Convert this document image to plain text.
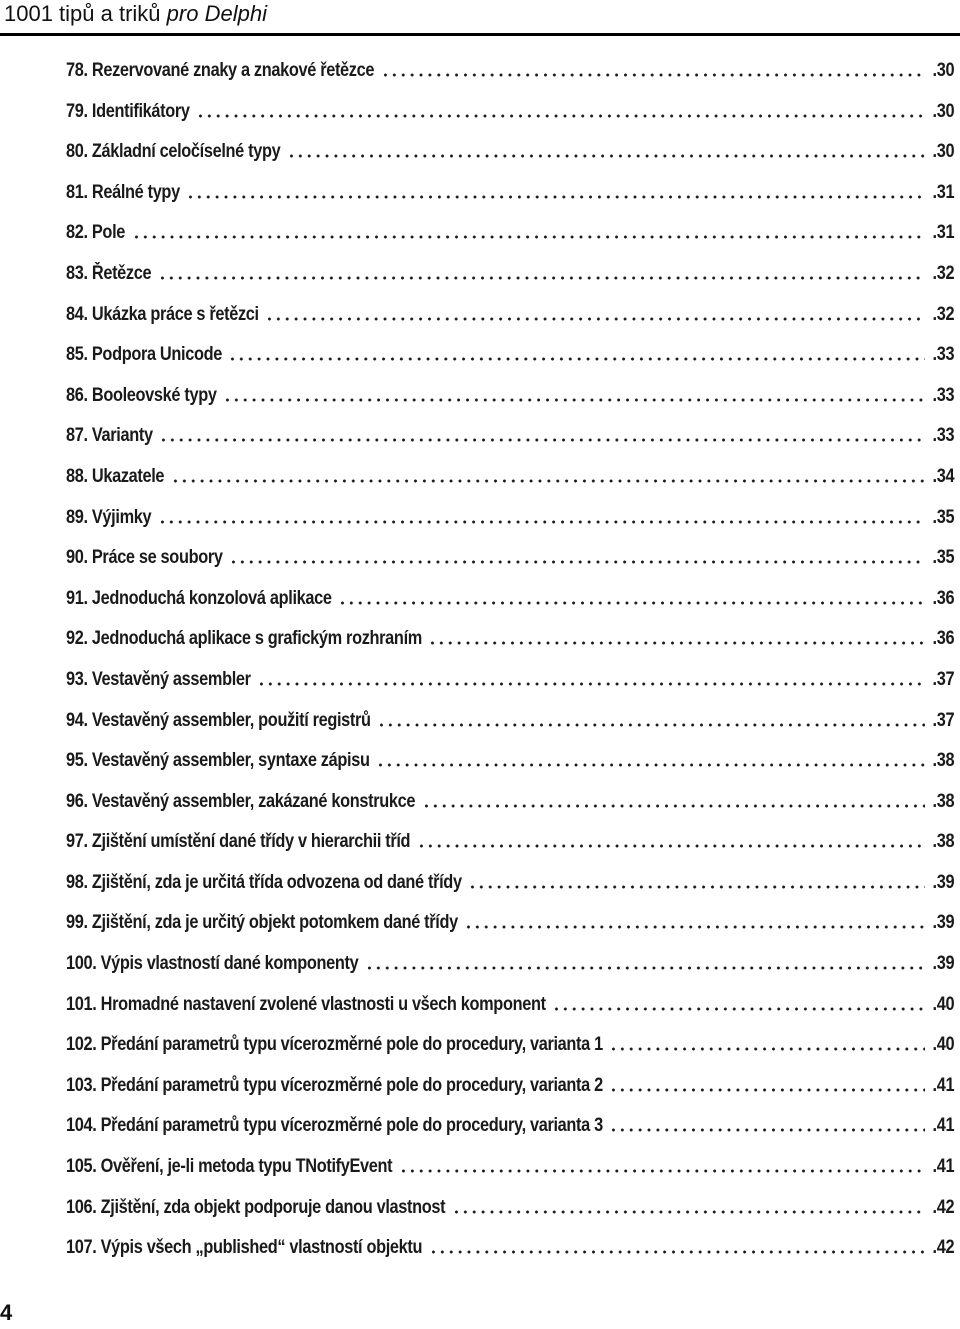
1001 tipů a triků pro Delphi
78. Rezervované znaky a znakové řetězce	.30
79. Identifikátory	.30
80. Základní celočíselné typy	.30
81. Reálné typy	.31
82. Pole	.31
83. Řetězce	.32
84. Ukázka práce s řetězci	.32
85. Podpora Unicode	.33
86. Booleovské typy	.33
87. Varianty	.33
88. Ukazatele	.34
89. Výjimky	.35
90. Práce se soubory	.35
91. Jednoduchá konzolová aplikace	.36
92. Jednoduchá aplikace s grafickým rozhraním	.36
93. Vestavěný assembler	.37
94. Vestavěný assembler, použití registrů	.37
95. Vestavěný assembler, syntaxe zápisu	.38
96. Vestavěný assembler, zakázané konstrukce	.38
97. Zjištění umístění dané třídy v hierarchii tříd	.38
98. Zjištění, zda je určitá třída odvozena od dané třídy	.39
99. Zjištění, zda je určitý objekt potomkem dané třídy	.39
100. Výpis vlastností dané komponenty	.39
101. Hromadné nastavení zvolené vlastnosti u všech komponent	.40
102. Předání parametrů typu vícerozměrné pole do procedury, varianta 1	.40
103. Předání parametrů typu vícerozměrné pole do procedury, varianta 2	.41
104. Předání parametrů typu vícerozměrné pole do procedury, varianta 3	.41
105. Ověření, je-li metoda typu TNotifyEvent	.41
106. Zjištění, zda objekt podporuje danou vlastnost	.42
107. Výpis všech „published“ vlastností objektu	.42
4
